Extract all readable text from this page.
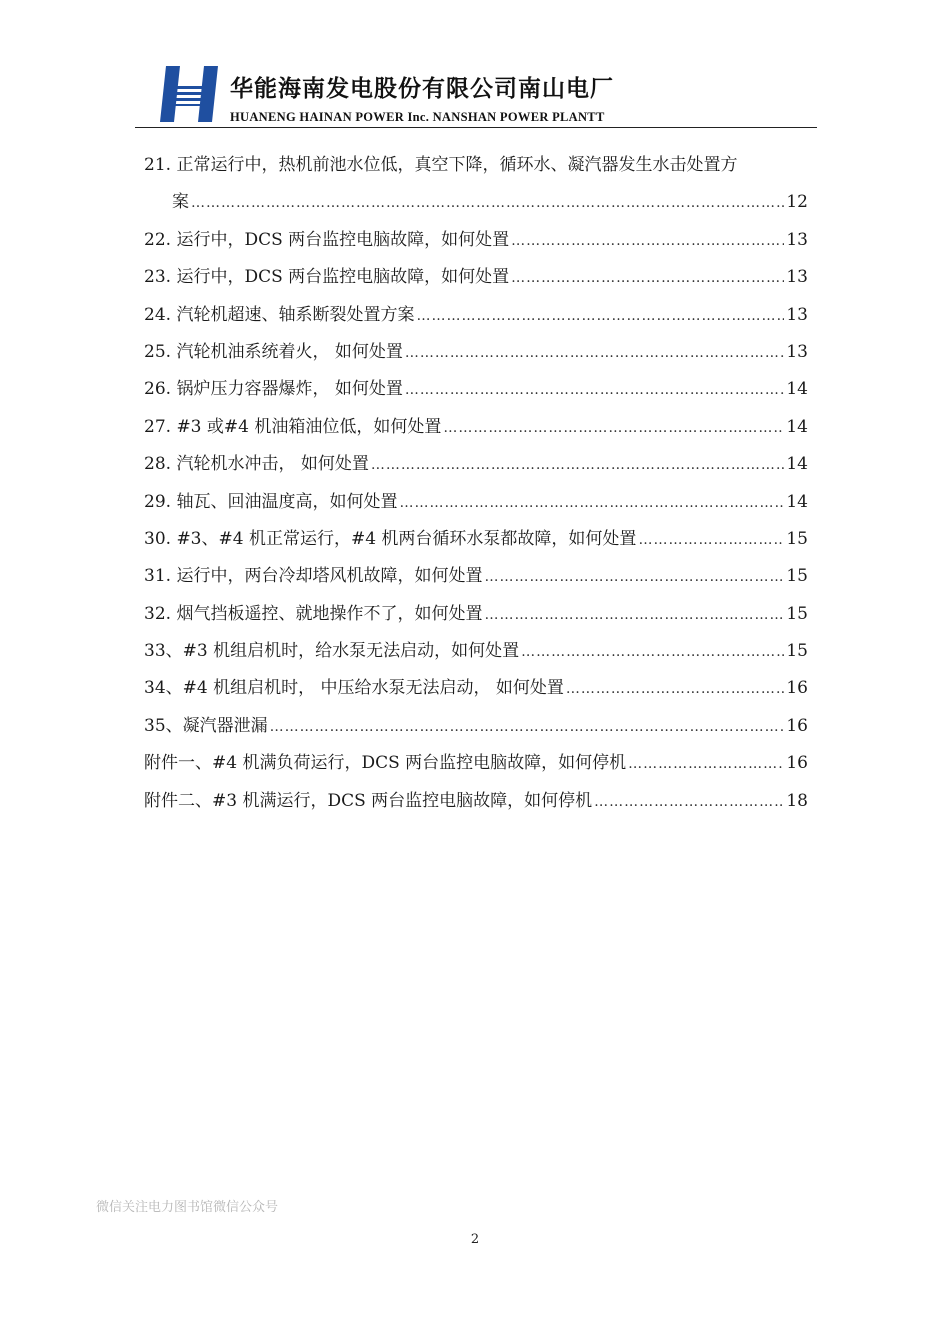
华能海南发电股份有限公司南山电厂
HUANENG HAINAN POWER Inc. NANSHAN POWER PLANTT
21. 正常运行中，热机前池水位低，真空下降，循环水、凝汽器发生水击处置方
案 ……………………………………………………………………………………………………………………………………………………………………………………………………	12
22. 运行中，DCS 两台监控电脑故障，如何处置 ……………………………………………………………………………………………………………………………………………………………………………………………………	13
23. 运行中，DCS 两台监控电脑故障，如何处置 ……………………………………………………………………………………………………………………………………………………………………………………………………	13
24. 汽轮机超速、轴系断裂处置方案 ……………………………………………………………………………………………………………………………………………………………………………………………………	13
25. 汽轮机油系统着火， 如何处置 ……………………………………………………………………………………………………………………………………………………………………………………………………	13
26. 锅炉压力容器爆炸， 如何处置 ……………………………………………………………………………………………………………………………………………………………………………………………………	14
27. #3 或#4 机油箱油位低，如何处置 ……………………………………………………………………………………………………………………………………………………………………………………………………	14
28. 汽轮机水冲击， 如何处置 ……………………………………………………………………………………………………………………………………………………………………………………………………	14
29. 轴瓦、回油温度高，如何处置 ……………………………………………………………………………………………………………………………………………………………………………………………………	14
30. #3、#4 机正常运行，#4 机两台循环水泵都故障，如何处置 ……………………………………………………………………………………………………………………………………………………………………………………………………	15
31. 运行中，两台冷却塔风机故障，如何处置 ……………………………………………………………………………………………………………………………………………………………………………………………………	15
32. 烟气挡板遥控、就地操作不了，如何处置 ……………………………………………………………………………………………………………………………………………………………………………………………………	15
33、#3 机组启机时，给水泵无法启动，如何处置 ……………………………………………………………………………………………………………………………………………………………………………………………………	15
34、#4 机组启机时， 中压给水泵无法启动， 如何处置 ……………………………………………………………………………………………………………………………………………………………………………………………………	16
35、凝汽器泄漏 ……………………………………………………………………………………………………………………………………………………………………………………………………	16
附件一、#4 机满负荷运行，DCS 两台监控电脑故障，如何停机 ……………………………………………………………………………………………………………………………………………………………………………………………………	16
附件二、#3 机满运行，DCS 两台监控电脑故障，如何停机 ……………………………………………………………………………………………………………………………………………………………………………………………………	18
微信关注电力图书馆微信公众号
2
